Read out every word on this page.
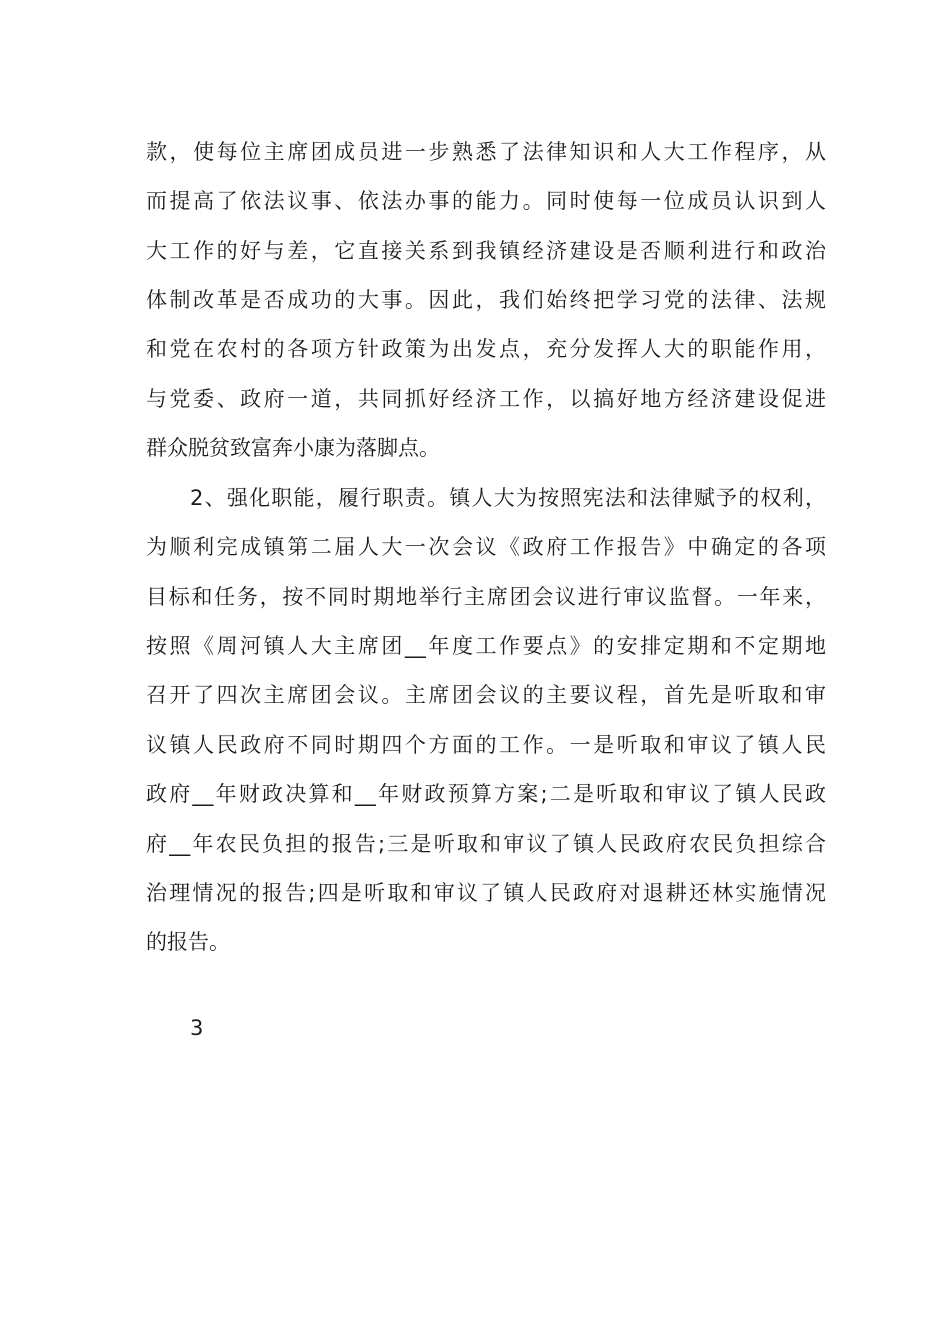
款，使每位主席团成员进一步熟悉了法律知识和人大工作程序，从
而提高了依法议事、依法办事的能力。同时使每一位成员认识到人
大工作的好与差，它直接关系到我镇经济建设是否顺利进行和政治
体制改革是否成功的大事。因此，我们始终把学习党的法律、法规
和党在农村的各项方针政策为出发点，充分发挥人大的职能作用，
与党委、政府一道，共同抓好经济工作，以搞好地方经济建设促进
群众脱贫致富奔小康为落脚点。
2、强化职能，履行职责。镇人大为按照宪法和法律赋予的权利，
为顺利完成镇第二届人大一次会议《政府工作报告》中确定的各项
目标和任务，按不同时期地举行主席团会议进行审议监督。一年来，
按照《周河镇人大主席团__年度工作要点》的安排定期和不定期地
召开了四次主席团会议。主席团会议的主要议程，首先是听取和审
议镇人民政府不同时期四个方面的工作。一是听取和审议了镇人民
政府__年财政决算和__年财政预算方案;二是听取和审议了镇人民政
府__年农民负担的报告;三是听取和审议了镇人民政府农民负担综合
治理情况的报告;四是听取和审议了镇人民政府对退耕还林实施情况
的报告。
3
